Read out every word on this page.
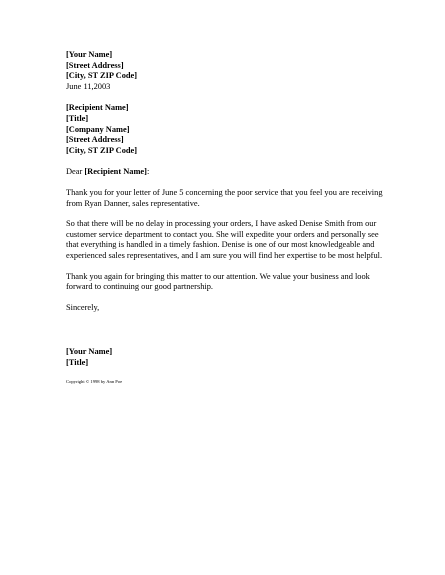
[Your Name]
[Street Address]
[City, ST ZIP Code]
June 11,2003
[Recipient Name]
[Title]
[Company Name]
[Street Address]
[City, ST ZIP Code]
Dear [Recipient Name]:
Thank you for your letter of June 5 concerning the poor service that you feel you are receiving from Ryan Danner, sales representative.
So that there will be no delay in processing your orders, I have asked Denise Smith from our customer service department to contact you. She will expedite your orders and personally see that everything is handled in a timely fashion. Denise is one of our most knowledgeable and experienced sales representatives, and I am sure you will find her expertise to be most helpful.
Thank you again for bringing this matter to our attention. We value your business and look forward to continuing our good partnership.
Sincerely,
[Your Name]
[Title]
Copyright © 1998 by Ann Poe
